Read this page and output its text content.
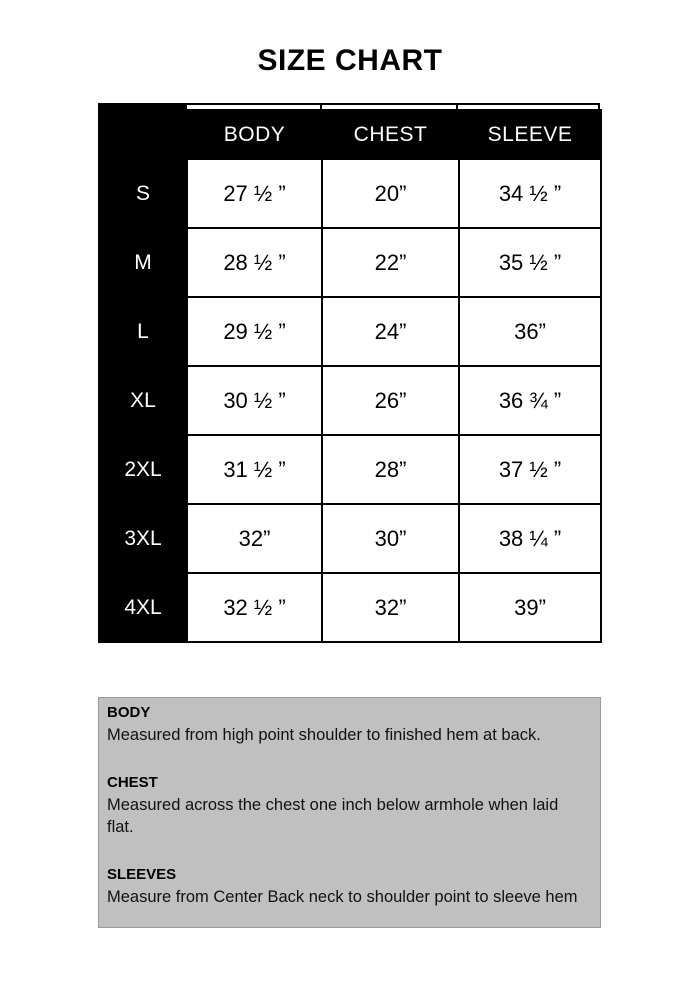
SIZE CHART
	BODY	CHEST	SLEEVE
S	27 ½ ”	20”	34 ½ ”
M	28 ½ ”	22”	35 ½ ”
L	29 ½ ”	24”	36”
XL	30 ½ ”	26”	36 ¾ ”
2XL	31 ½ ”	28”	37 ½ ”
3XL	32”	30”	38 ¼ ”
4XL	32 ½ ”	32”	39”
BODY
Measured from high point shoulder to finished hem at back.
CHEST
Measured across the chest one inch below armhole when laid flat.
SLEEVES
Measure from Center Back neck to shoulder point to sleeve hem
